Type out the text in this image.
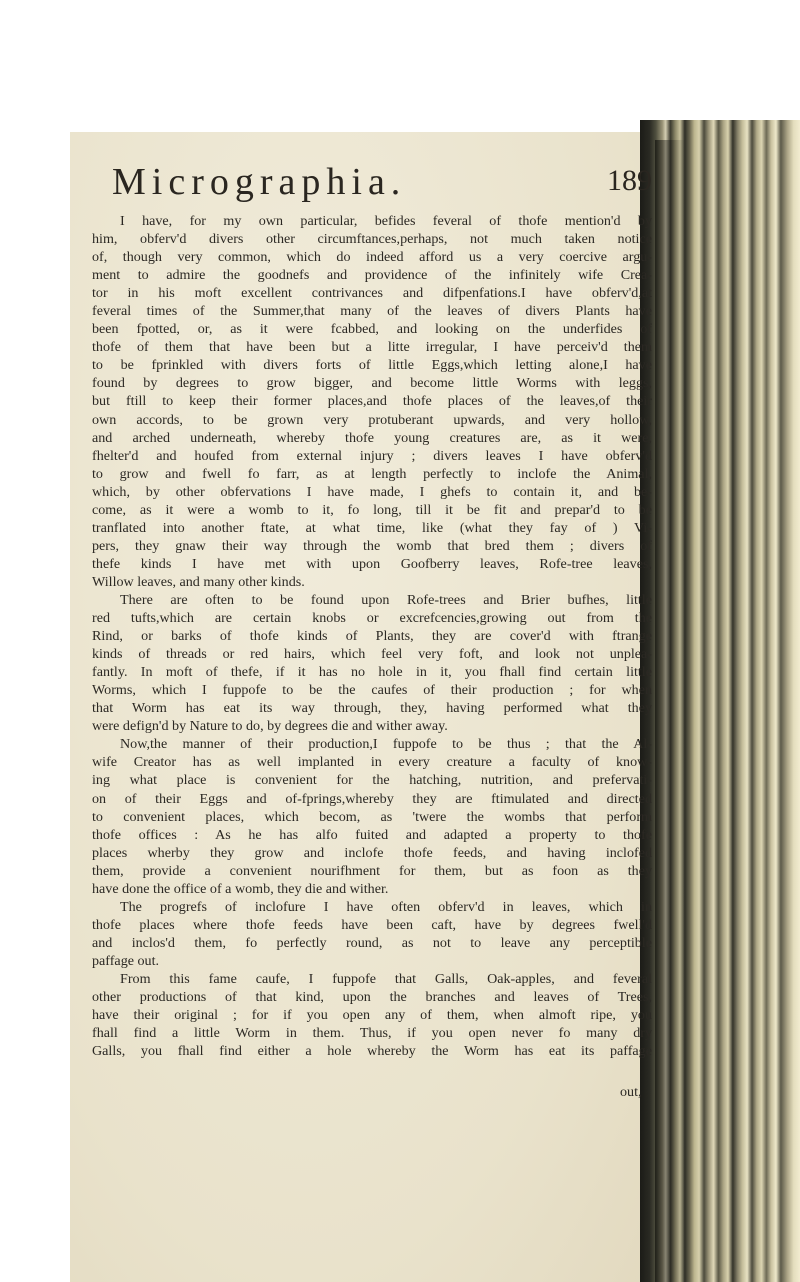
Micrographia.	189
I have, for my own particular, befides feveral of thofe mention'd by
him, obferv'd divers other circumftances,perhaps, not much taken notice
of, though very common, which do indeed afford us a very coercive argu-
ment to admire the goodnefs and providence of the infinitely wife Crea-
tor in his moft excellent contrivances and difpenfations.I have obferv'd,at
feveral times of the Summer,that many of the leaves of divers Plants have
been fpotted, or, as it were fcabbed, and looking on the underfides of
thofe of them that have been but a litte irregular, I have perceiv'd them
to be fprinkled with divers forts of little Eggs,which letting alone,I have
found by degrees to grow bigger, and become little Worms with leggs,
but ftill to keep their former places,and thofe places of the leaves,of their
own accords, to be grown very protuberant upwards, and very hollow,
and arched underneath, whereby thofe young creatures are, as it were,
fhelter'd and houfed from external injury ; divers leaves I have obferv'd
to grow and fwell fo farr, as at length perfectly to inclofe the Animal,
which, by other obfervations I have made, I ghefs to contain it, and be-
come, as it were a womb to it, fo long, till it be fit and prepar'd to be
tranflated into another ftate, at what time, like (what they fay of ) Vi-
pers, they gnaw their way through the womb that bred them ; divers of
thefe kinds I have met with upon Goofberry leaves, Rofe-tree leaves,
Willow leaves, and many other kinds.
There are often to be found upon Rofe-trees and Brier bufhes, little
red tufts,which are certain knobs or excrefcencies,growing out from the
Rind, or barks of thofe kinds of Plants, they are cover'd with ftrange
kinds of threads or red hairs, which feel very foft, and look not unplea-
fantly. In moft of thefe, if it has no hole in it, you fhall find certain little
Worms, which I fuppofe to be the caufes of their production ; for when
that Worm has eat its way through, they, having performed what they
were defign'd by Nature to do, by degrees die and wither away.
Now,the manner of their production,I fuppofe to be thus ; that the Al-
wife Creator has as well implanted in every creature a faculty of know-
ing what place is convenient for the hatching, nutrition, and prefervati-
on of their Eggs and of-fprings,whereby they are ftimulated and directed
to convenient places, which becom, as 'twere the wombs that perform
thofe offices : As he has alfo fuited and adapted a property to thofe
places wherby they grow and inclofe thofe feeds, and having inclofed
them, provide a convenient nourifhment for them, but as foon as they
have done the office of a womb, they die and wither.
The progrefs of inclofure I have often obferv'd in leaves, which in
thofe places where thofe feeds have been caft, have by degrees fwell'd
and inclos'd them, fo perfectly round, as not to leave any perceptible
paffage out.
From this fame caufe, I fuppofe that Galls, Oak-apples, and feveral
other productions of that kind, upon the branches and leaves of Trees,
have their original ; for if you open any of them, when almoft ripe, you
fhall find a little Worm in them. Thus, if you open never fo many dry
Galls, you fhall find either a hole whereby the Worm has eat its paffage
out,
